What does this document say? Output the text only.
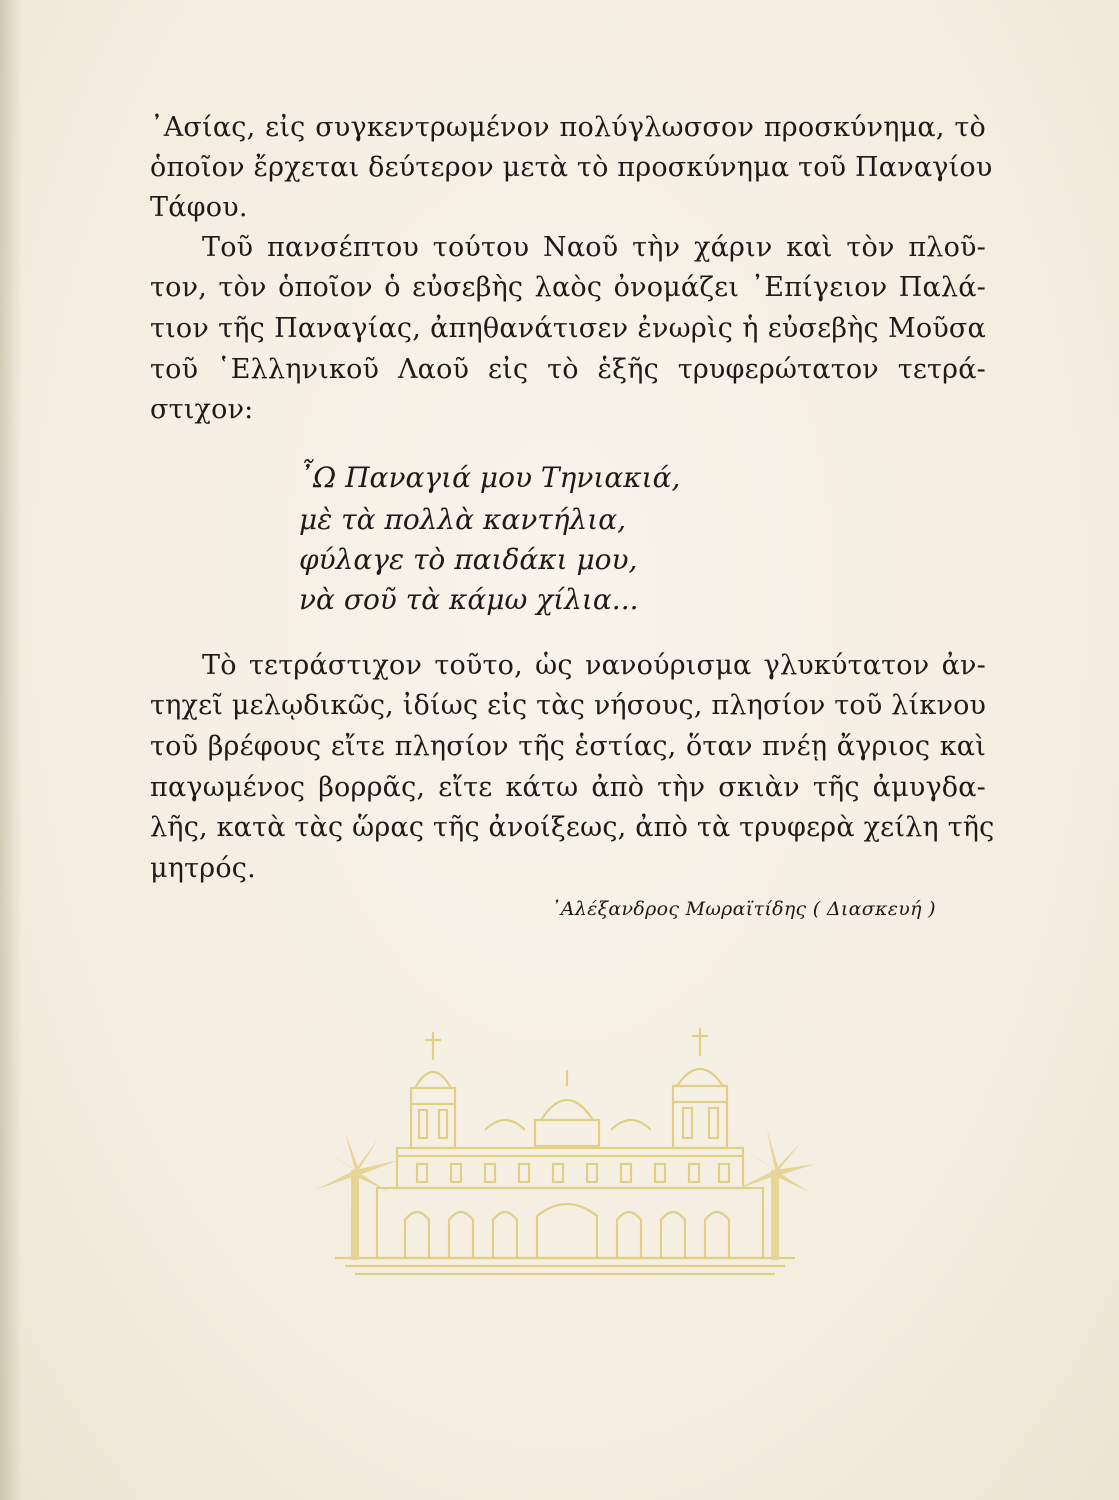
᾿Ασίας, εἰς συγκεντρωμένον πολύγλωσσον προσκύνημα, τὸ
ὁποῖον ἔρχεται δεύτερον μετὰ τὸ προσκύνημα τοῦ Παναγίου
Τάφου.
Τοῦ πανσέπτου τούτου Ναοῦ τὴν χάριν καὶ τὸν πλοῦ-
τον, τὸν ὁποῖον ὁ εὐσεβὴς λαὸς ὀνομάζει ᾿Επίγειον Παλά-
τιον τῆς Παναγίας, ἀπηθανάτισεν ἐνωρὶς ἡ εὐσεβὴς Μοῦσα
τοῦ ῾Ελληνικοῦ Λαοῦ εἰς τὸ ἑξῆς τρυφερώτατον τετρά-
στιχον:
῏Ω Παναγιά μου Τηνιακιά,
μὲ τὰ πολλὰ καντήλια,
φύλαγε τὸ παιδάκι μου,
νὰ σοῦ τὰ κάμω χίλια...
Τὸ τετράστιχον τοῦτο, ὡς νανούρισμα γλυκύτατον ἀν-
τηχεῖ μελῳδικῶς, ἰδίως εἰς τὰς νήσους, πλησίον τοῦ λίκνου
τοῦ βρέφους εἴτε πλησίον τῆς ἑστίας, ὅταν πνέῃ ἄγριος καὶ
παγωμένος βορρᾶς, εἴτε κάτω ἀπὸ τὴν σκιὰν τῆς ἀμυγδα-
λῆς, κατὰ τὰς ὥρας τῆς ἀνοίξεως, ἀπὸ τὰ τρυφερὰ χείλη τῆς
μητρός.
᾿Αλέξανδρος Μωραϊτίδης ( Διασκευή )
